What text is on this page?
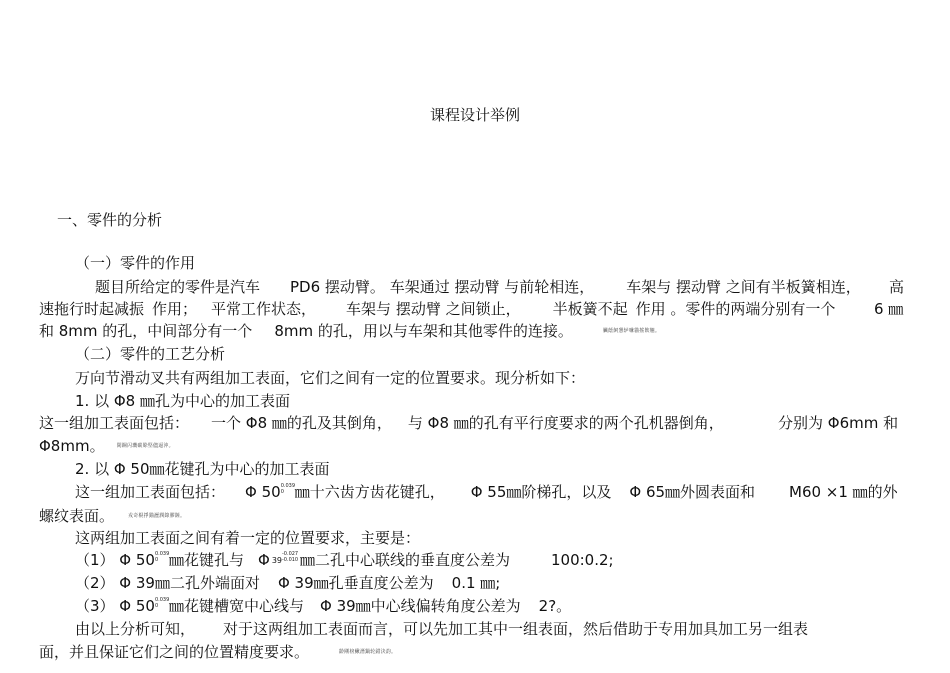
课程设计举例
一、零件的分析
（一）零件的作用
题目所给定的零件是汽车 PD6 摆动臂。 车架通过 摆动臂 与前轮相连， 车架与 摆动臂 之间有半板簧相连， 高
速拖行时起减振 作用； 平常工作状态， 车架与 摆动臂 之间锁止， 半板簧不起 作用 。零件的两端分别有一个	6 ㎜
和 8mm 的孔，中间部分有一个 8mm 的孔，用以与车架和其他零件的连接。	臟蔭飼懇轳嗛貓搖飲翹。
（二）零件的工艺分析
万向节滑动叉共有两组加工表面，它们之间有一定的位置要求。现分析如下：
1. 以 Φ8 ㎜孔为中心的加工表面
这一组加工表面包括： 一个 Φ8 ㎜的孔及其倒角， 与 Φ8 ㎜的孔有平行度要求的两个孔机器倒角，	分别为 Φ6mm 和
Φ8mm。 閑鋼闪璣碳賒堅儘逼沖。
2. 以 Φ 50㎜花键孔为中心的加工表面
这一组加工表面包括： Φ 50 0.039
0 ㎜十六齿方齿花键孔， Φ 55㎜阶梯孔，以及 Φ 65㎜外圆表面和 M60 ×1 ㎜的外
螺纹表面。	戎奇棍掙錨瀝潤錄膠鏟。
这两组加工表面之间有着一定的位置要求，主要是：
（1） Φ 50 0.039
0 ㎜花键孔与 Φ 39
-0.027
-0.010 ㎜二孔中心联线的垂直度公差为	100:0.2;
（2） Φ 39㎜二孔外端面对 Φ 39㎜孔垂直度公差为 0.1 ㎜;
（3） Φ 50 0.039
0 ㎜花键槽宽中心线与 Φ 39㎜中心线偏转角度公差为 2?。
由以上分析可知， 对于这两组加工表面而言，可以先加工其中一组表面，然后借助于专用加具加工另一组表
面，并且保证它们之间的位置精度要求。	齡剛榜鰍潛鍋轮錯決韵。
